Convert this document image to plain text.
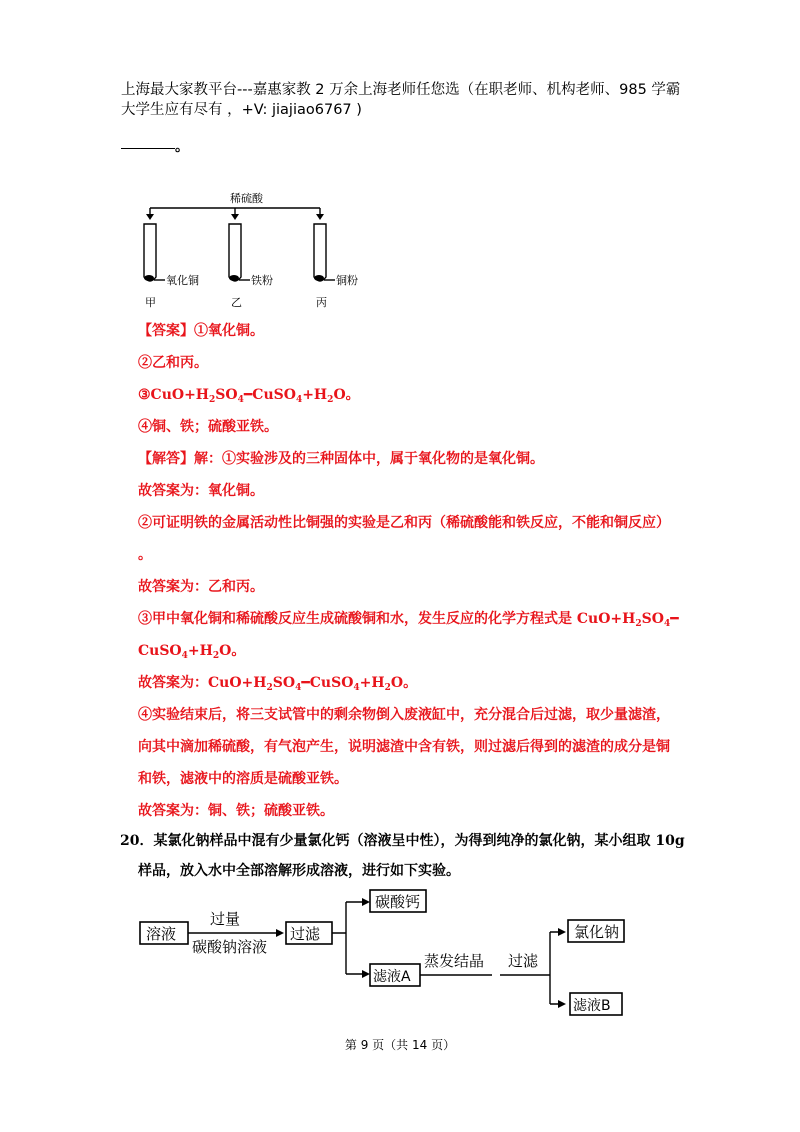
上海最大家教平台---嘉惠家教 2 万余上海老师任您选（在职老师、机构老师、985 学霸
大学生应有尽有 ，+V: jiajiao6767 )
。
稀硫酸
氧化铜
甲
铁粉
乙
铜粉
丙
【答案】①氧化铜。
②乙和丙。
$③CuO+H_2SO_4━CuSO_4+H_2O$。
④铜、铁；硫酸亚铁。
【解答】解：①实验涉及的三种固体中，属于氧化物的是氧化铜。
故答案为：氧化铜。
②可证明铁的金属活动性比铜强的实验是乙和丙（稀硫酸能和铁反应，不能和铜反应）
。
故答案为：乙和丙。
③甲中氧化铜和稀硫酸反应生成硫酸铜和水，发生反应的化学方程式是 $CuO+H_2SO_4━$
$CuSO_4+H_2O$。
故答案为：$CuO+H_2SO_4━CuSO_4+H_2O$。
④实验结束后，将三支试管中的剩余物倒入废液缸中，充分混合后过滤，取少量滤渣，
向其中滴加稀硫酸，有气泡产生，说明滤渣中含有铁，则过滤后得到的滤渣的成分是铜
和铁，滤液中的溶质是硫酸亚铁。
故答案为：铜、铁；硫酸亚铁。
20．某氯化钠样品中混有少量氯化钙（溶液呈中性），为得到纯净的氯化钠，某小组取 10g
样品，放入水中全部溶解形成溶液，进行如下实验。
溶液
过量
碳酸钠溶液
过滤
碳酸钙
滤液A
蒸发结晶 过滤
氯化钠
滤液B
第 9 页（共 14 页）
